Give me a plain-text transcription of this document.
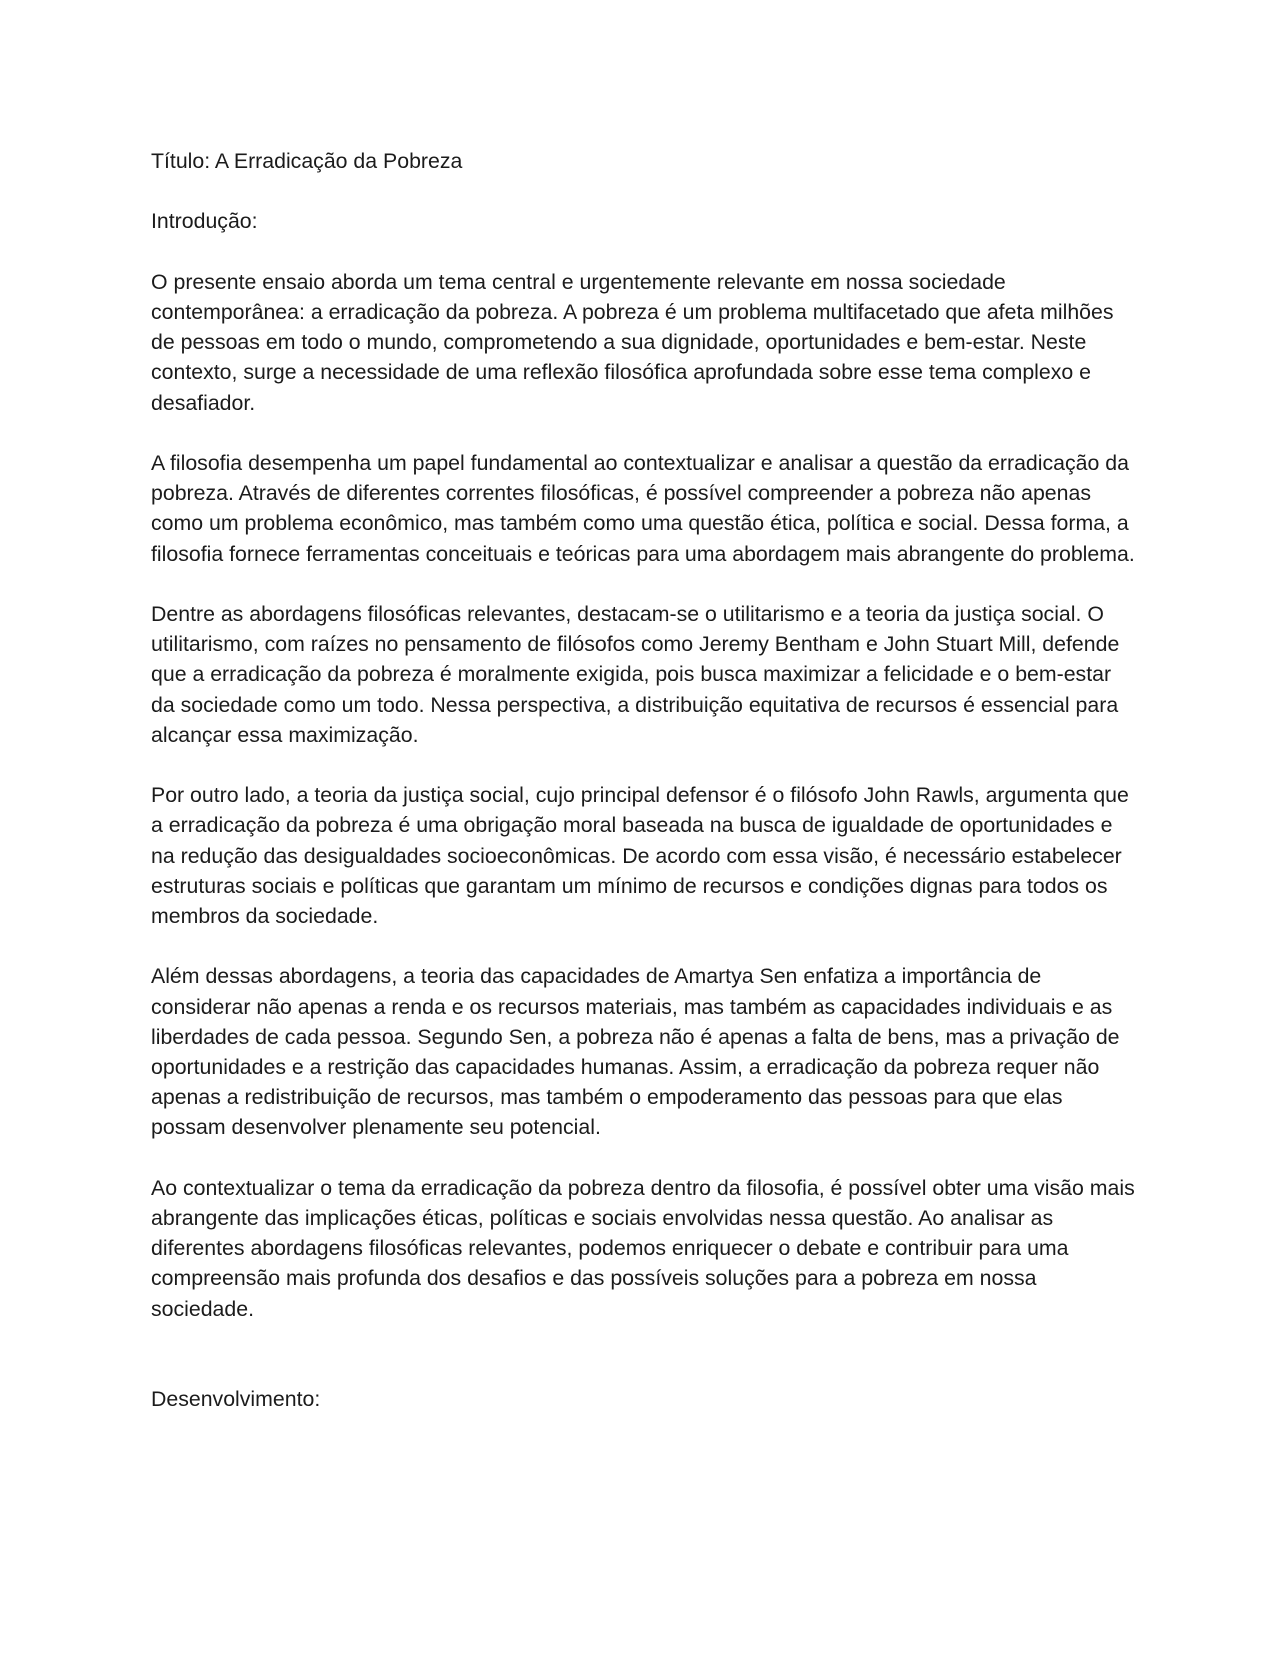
Título: A Erradicação da Pobreza

Introdução:

O presente ensaio aborda um tema central e urgentemente relevante em nossa sociedade contemporânea: a erradicação da pobreza. A pobreza é um problema multifacetado que afeta milhões de pessoas em todo o mundo, comprometendo a sua dignidade, oportunidades e bem-estar. Neste contexto, surge a necessidade de uma reflexão filosófica aprofundada sobre esse tema complexo e desafiador.

A filosofia desempenha um papel fundamental ao contextualizar e analisar a questão da erradicação da pobreza. Através de diferentes correntes filosóficas, é possível compreender a pobreza não apenas como um problema econômico, mas também como uma questão ética, política e social. Dessa forma, a filosofia fornece ferramentas conceituais e teóricas para uma abordagem mais abrangente do problema.

Dentre as abordagens filosóficas relevantes, destacam-se o utilitarismo e a teoria da justiça social. O utilitarismo, com raízes no pensamento de filósofos como Jeremy Bentham e John Stuart Mill, defende que a erradicação da pobreza é moralmente exigida, pois busca maximizar a felicidade e o bem-estar da sociedade como um todo. Nessa perspectiva, a distribuição equitativa de recursos é essencial para alcançar essa maximização.

Por outro lado, a teoria da justiça social, cujo principal defensor é o filósofo John Rawls, argumenta que a erradicação da pobreza é uma obrigação moral baseada na busca de igualdade de oportunidades e na redução das desigualdades socioeconômicas. De acordo com essa visão, é necessário estabelecer estruturas sociais e políticas que garantam um mínimo de recursos e condições dignas para todos os membros da sociedade.

Além dessas abordagens, a teoria das capacidades de Amartya Sen enfatiza a importância de considerar não apenas a renda e os recursos materiais, mas também as capacidades individuais e as liberdades de cada pessoa. Segundo Sen, a pobreza não é apenas a falta de bens, mas a privação de oportunidades e a restrição das capacidades humanas. Assim, a erradicação da pobreza requer não apenas a redistribuição de recursos, mas também o empoderamento das pessoas para que elas possam desenvolver plenamente seu potencial.

Ao contextualizar o tema da erradicação da pobreza dentro da filosofia, é possível obter uma visão mais abrangente das implicações éticas, políticas e sociais envolvidas nessa questão. Ao analisar as diferentes abordagens filosóficas relevantes, podemos enriquecer o debate e contribuir para uma compreensão mais profunda dos desafios e das possíveis soluções para a pobreza em nossa sociedade.

Desenvolvimento:
